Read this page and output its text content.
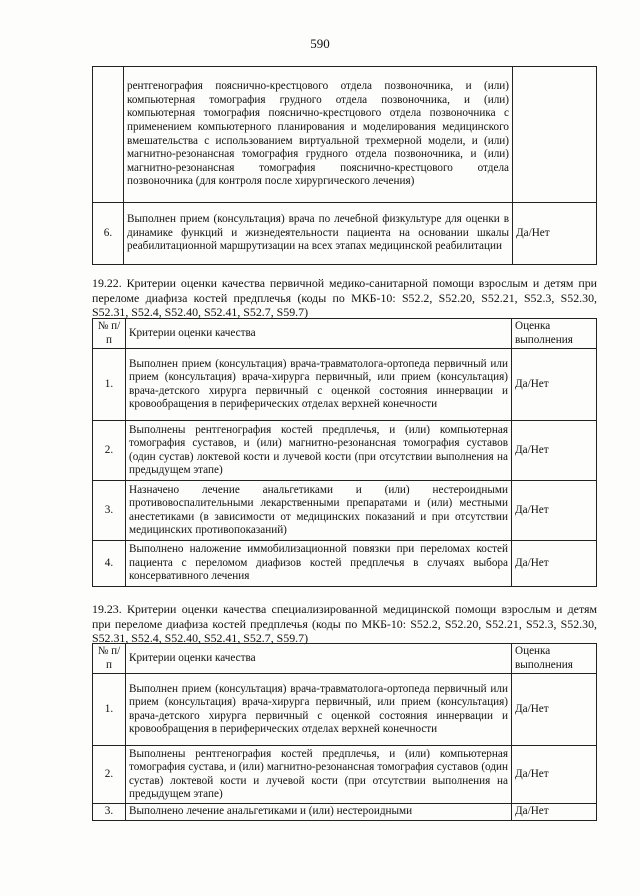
590
	рентгенография пояснично-крестцового отдела позвоночника, и (или) компьютерная томография грудного отдела позвоночника, и (или) компьютерная томография пояснично-крестцового отдела позвоночника с применением компьютерного планирования и моделирования медицинского вмешательства с использованием виртуальной трехмерной модели, и (или) магнитно-резонансная томография грудного отдела позвоночника, и (или) магнитно-резонансная томография пояснично-крестцового отдела позвоночника (для контроля после хирургического лечения)	
6.	Выполнен прием (консультация) врача по лечебной физкультуре для оценки в динамике функций и жизнедеятельности пациента на основании шкалы реабилитационной маршрутизации на всех этапах медицинской реабилитации	Да/Нет
19.22. Критерии оценки качества первичной медико-санитарной помощи взрослым и детям при переломе диафиза костей предплечья (коды по МКБ-10: S52.2, S52.20, S52.21, S52.3, S52.30, S52.31, S52.4, S52.40, S52.41, S52.7, S59.7)
№ п/п	Критерии оценки качества	Оценка выполнения
1.	Выполнен прием (консультация) врача-травматолога-ортопеда первичный или прием (консультация) врача-хирурга первичный, или прием (консультация) врача-детского хирурга первичный с оценкой состояния иннервации и кровообращения в периферических отделах верхней конечности	Да/Нет
2.	Выполнены рентгенография костей предплечья, и (или) компьютерная томография суставов, и (или) магнитно-резонансная томография суставов (один сустав) локтевой кости и лучевой кости (при отсутствии выполнения на предыдущем этапе)	Да/Нет
3.	Назначено лечение анальгетиками и (или) нестероидными противовоспалительными лекарственными препаратами и (или) местными анестетиками (в зависимости от медицинских показаний и при отсутствии медицинских противопоказаний)	Да/Нет
4.	Выполнено наложение иммобилизационной повязки при переломах костей пациента с переломом диафизов костей предплечья в случаях выбора консервативного лечения	Да/Нет
19.23. Критерии оценки качества специализированной медицинской помощи взрослым и детям при переломе диафиза костей предплечья (коды по МКБ-10: S52.2, S52.20, S52.21, S52.3, S52.30, S52.31, S52.4, S52.40, S52.41, S52.7, S59.7)
№ п/п	Критерии оценки качества	Оценка выполнения
1.	Выполнен прием (консультация) врача-травматолога-ортопеда первичный или прием (консультация) врача-хирурга первичный, или прием (консультация) врача-детского хирурга первичный с оценкой состояния иннервации и кровообращения в периферических отделах верхней конечности	Да/Нет
2.	Выполнены рентгенография костей предплечья, и (или) компьютерная томография сустава, и (или) магнитно-резонансная томография суставов (один сустав) локтевой кости и лучевой кости (при отсутствии выполнения на предыдущем этапе)	Да/Нет
3.	Выполнено лечение анальгетиками и (или) нестероидными	Да/Нет
